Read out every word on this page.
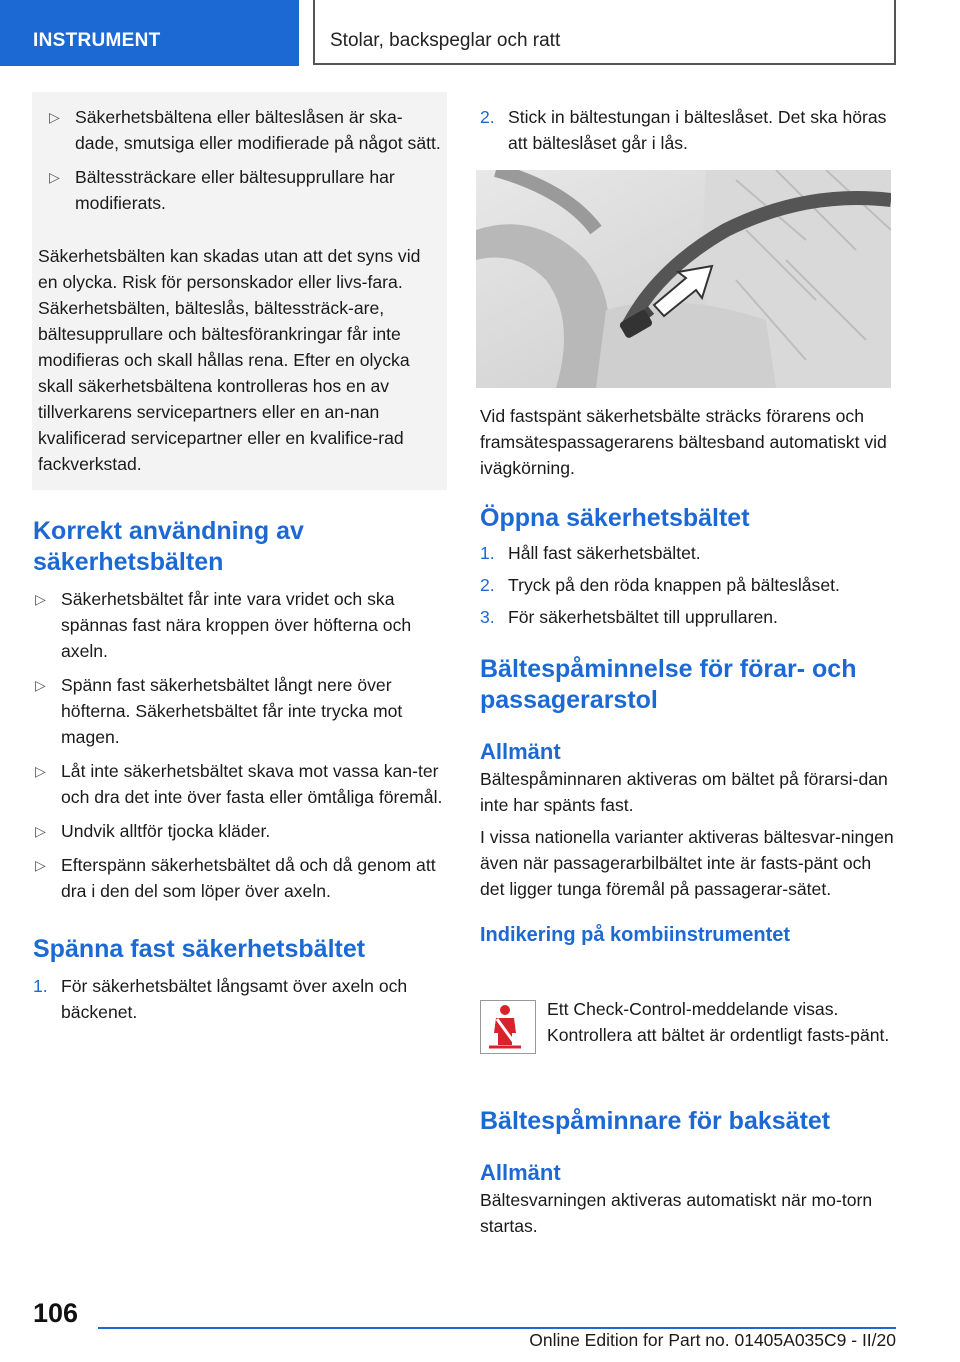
INSTRUMENT	Stolar, backspeglar och ratt
▷ Säkerhetsbältena eller bälteslåsen är ska-dade, smutsiga eller modifierade på något sätt.
▷ Bältessträckare eller bältesupprullare har modifierats.

Säkerhetsbälten kan skadas utan att det syns vid en olycka. Risk för personskador eller livs-fara. Säkerhetsbälten, bälteslås, bältessträck-are, bältesupprullare och bältesförankringar får inte modifieras och skall hållas rena. Efter en olycka skall säkerhetsbältena kontrolleras hos en av tillverkarens servicepartners eller en an-nan kvalificerad servicepartner eller en kvalifice-rad fackverkstad.

Korrekt användning av
säkerhetsbälten
▷ Säkerhetsbältet får inte vara vridet och ska spännas fast nära kroppen över höfterna och axeln.
▷ Spänn fast säkerhetsbältet långt nere över höfterna. Säkerhetsbältet får inte trycka mot magen.
▷ Låt inte säkerhetsbältet skava mot vassa kan-ter och dra det inte över fasta eller ömtåliga föremål.
▷ Undvik alltför tjocka kläder.
▷ Efterspänn säkerhetsbältet då och då genom att dra i den del som löper över axeln.
Spänna fast säkerhetsbältet
1. För säkerhetsbältet långsamt över axeln och bäckenet.
2. Stick in bältestungan i bälteslåset. Det ska höras att bälteslåset går i lås.

Vid fastspänt säkerhetsbälte sträcks förarens och framsätespassagerarens bältesband automatiskt vid ivägkörning.

Öppna säkerhetsbältet
1. Håll fast säkerhetsbältet.
2. Tryck på den röda knappen på bälteslåset.
3. För säkerhetsbältet till upprullaren.
Bältespåminnelse för förar- och
passagerarstol
Allmänt

Bältespåminnaren aktiveras om bältet på förarsi-dan inte har spänts fast.

I vissa nationella varianter aktiveras bältesvar-ningen även när passagerarbilbältet inte är fasts-pänt och det ligger tunga föremål på passagerar-sätet.

Indikering på kombiinstrumentet

Ett Check-Control-meddelande visas. Kontrollera att bältet är ordentligt fasts-pänt.

Bältespåminnare för baksätet
Allmänt

Bältesvarningen aktiveras automatiskt när mo-torn startas.

106
Online Edition for Part no. 01405A035C9 - II/20
